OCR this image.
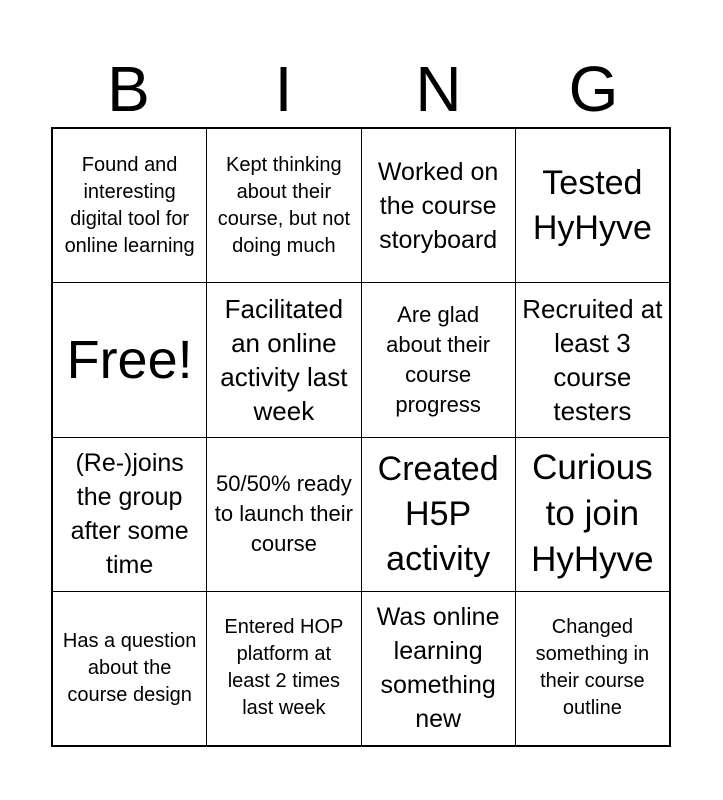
B	I	N	G
Found and interesting digital tool for online learning
Kept thinking about their course, but not doing much
Worked on the course storyboard
Tested HyHyve
Free!
Facilitated an online activity last week
Are glad about their course progress
Recruited at least 3 course testers
(Re-)joins the group after some time
50/50% ready to launch their course
Created H5P activity
Curious to join HyHyve
Has a question about the course design
Entered HOP platform at least 2 times last week
Was online learning something new
Changed something in their course outline
